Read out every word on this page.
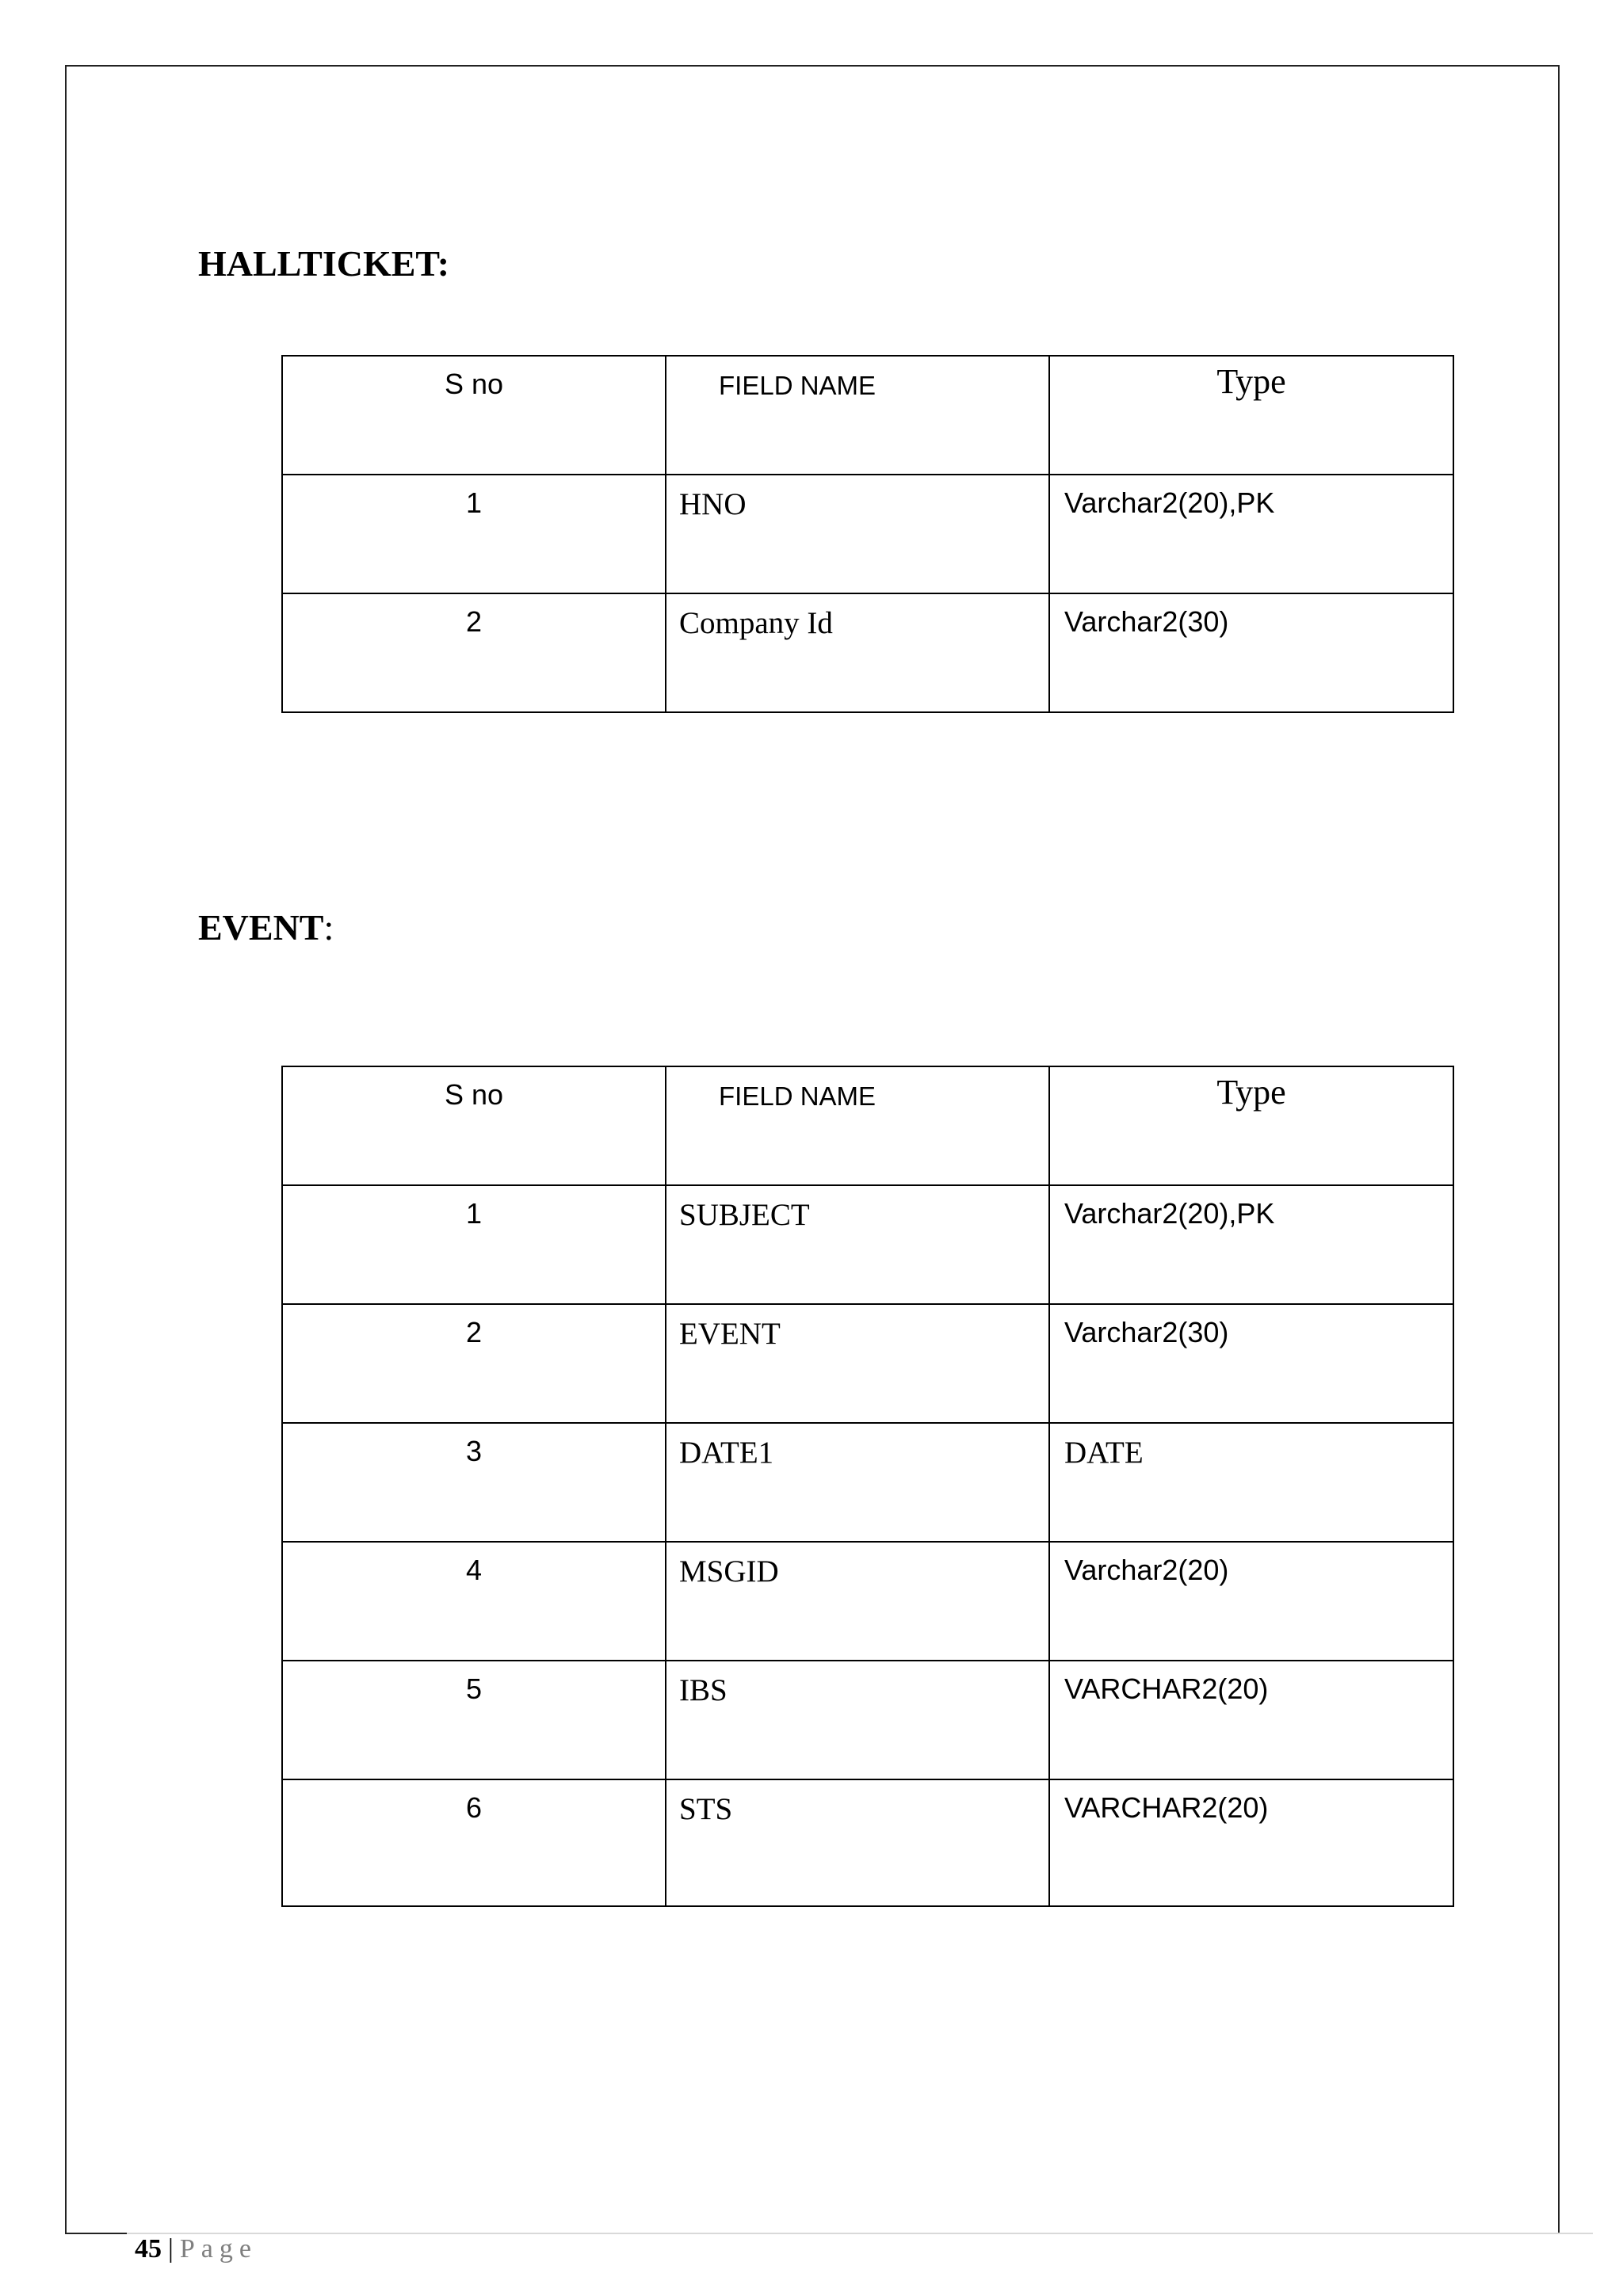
HALLTICKET:
S no	FIELD NAME	Type
1	HNO	Varchar2(20),PK
2	Company Id	Varchar2(30)
EVENT:
S no	FIELD NAME	Type
1	SUBJECT	Varchar2(20),PK
2	EVENT	Varchar2(30)
3	DATE1	DATE
4	MSGID	Varchar2(20)
5	IBS	VARCHAR2(20)
6	STS	VARCHAR2(20)
45 | Page
